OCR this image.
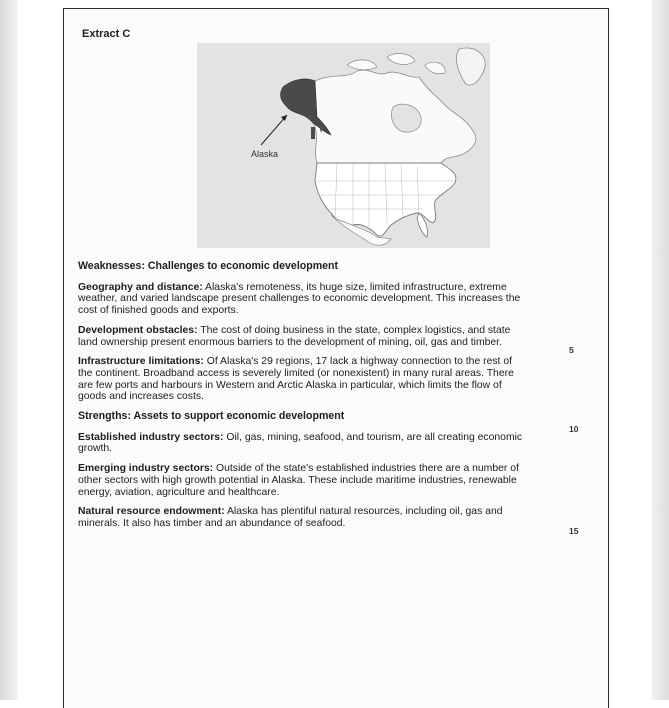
Extract C
Alaska

Weaknesses: Challenges to economic development

Geography and distance: Alaska's remoteness, its huge size, limited infrastructure, extreme weather, and varied landscape present challenges to economic development. This increases the cost of finished goods and exports.

Development obstacles: The cost of doing business in the state, complex logistics, and state land ownership present enormous barriers to the development of mining, oil, gas and timber.

Infrastructure limitations: Of Alaska's 29 regions, 17 lack a highway connection to the rest of the continent. Broadband access is severely limited (or nonexistent) in many rural areas. There are few ports and harbours in Western and Arctic Alaska in particular, which limits the flow of goods and increases costs.

Strengths: Assets to support economic development

Established industry sectors: Oil, gas, mining, seafood, and tourism, are all creating economic growth.

Emerging industry sectors: Outside of the state's established industries there are a number of other sectors with high growth potential in Alaska. These include maritime industries, renewable energy, aviation, agriculture and healthcare.

Natural resource endowment: Alaska has plentiful natural resources, including oil, gas and minerals. It also has timber and an abundance of seafood.

5
10
15
